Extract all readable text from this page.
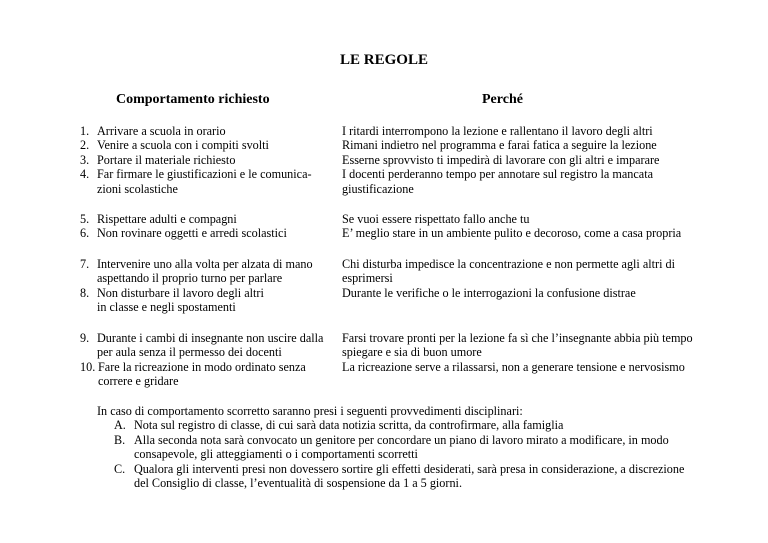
LE REGOLE
Comportamento richiesto	Perché
1. Arrivare a scuola in orario
2. Venire a scuola con i compiti svolti
3. Portare il materiale richiesto
4. Far firmare le giustificazioni e le comunica-
zioni scolastiche
I ritardi interrompono la lezione e rallentano il lavoro degli altri
Rimani indietro nel programma e farai fatica a seguire la lezione
Esserne sprovvisto ti impedirà di lavorare con gli altri e imparare
I docenti perderanno tempo per annotare sul registro la mancata
giustificazione
5. Rispettare adulti e compagni
6. Non rovinare oggetti e arredi scolastici
Se vuoi essere rispettato fallo anche tu
E’ meglio stare in un ambiente pulito e decoroso, come a casa propria
7. Intervenire uno alla volta per alzata di mano
aspettando il proprio turno per parlare
8. Non disturbare il lavoro degli altri
in classe e negli spostamenti
Chi disturba impedisce la concentrazione e non permette agli altri di
esprimersi
Durante le verifiche o le interrogazioni la confusione distrae
9. Durante i cambi di insegnante non uscire dalla
per aula senza il permesso dei docenti
10. Fare la ricreazione in modo ordinato senza
correre e gridare
Farsi trovare pronti per la lezione fa sì che l’insegnante abbia più tempo
spiegare e sia di buon umore
La ricreazione serve a rilassarsi, non a generare tensione e nervosismo
In caso di comportamento scorretto saranno presi i seguenti provvedimenti disciplinari:
A. Nota sul registro di classe, di cui sarà data notizia scritta, da controfirmare, alla famiglia
B. Alla seconda nota sarà convocato un genitore per concordare un piano di lavoro mirato a modificare, in modo
consapevole, gli atteggiamenti o i comportamenti scorretti
C. Qualora gli interventi presi non dovessero sortire gli effetti desiderati, sarà presa in considerazione, a discrezione
del Consiglio di classe, l’eventualità di sospensione da 1 a 5 giorni.
